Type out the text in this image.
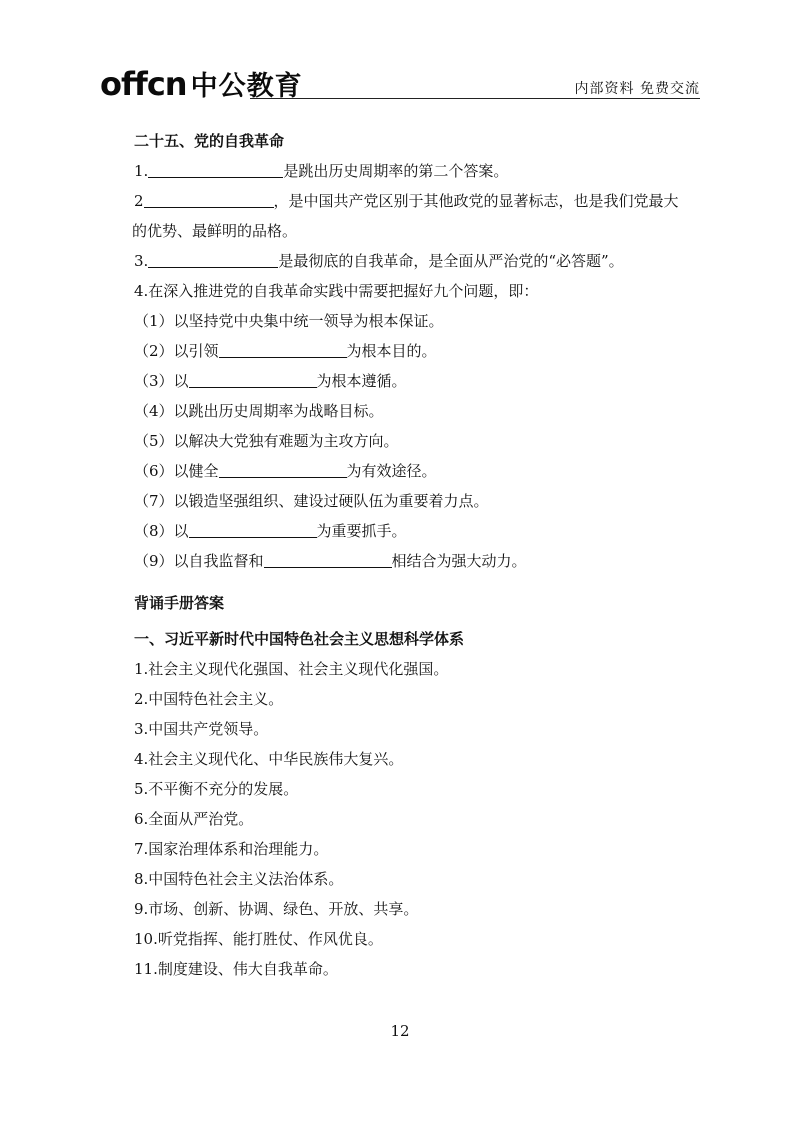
offcn 中公教育	内部资料 免费交流

二十五、党的自我革命

1.	是跳出历史周期率的第二个答案。
2	，是中国共产党区别于其他政党的显著标志，也是我们党最大
的优势、最鲜明的品格。
3.	是最彻底的自我革命，是全面从严治党的“必答题”。
4.在深入推进党的自我革命实践中需要把握好九个问题，即：
（1）以坚持党中央集中统一领导为根本保证。
（2）以引领	为根本目的。
（3）以	为根本遵循。
（4）以跳出历史周期率为战略目标。
（5）以解决大党独有难题为主攻方向。
（6）以健全	为有效途径。
（7）以锻造坚强组织、建设过硬队伍为重要着力点。
（8）以	为重要抓手。
（9）以自我监督和	相结合为强大动力。

背诵手册答案

一、习近平新时代中国特色社会主义思想科学体系

1.社会主义现代化强国、社会主义现代化强国。
2.中国特色社会主义。
3.中国共产党领导。
4.社会主义现代化、中华民族伟大复兴。
5.不平衡不充分的发展。
6.全面从严治党。
7.国家治理体系和治理能力。
8.中国特色社会主义法治体系。
9.市场、创新、协调、绿色、开放、共享。
10.听党指挥、能打胜仗、作风优良。
11.制度建设、伟大自我革命。
12
